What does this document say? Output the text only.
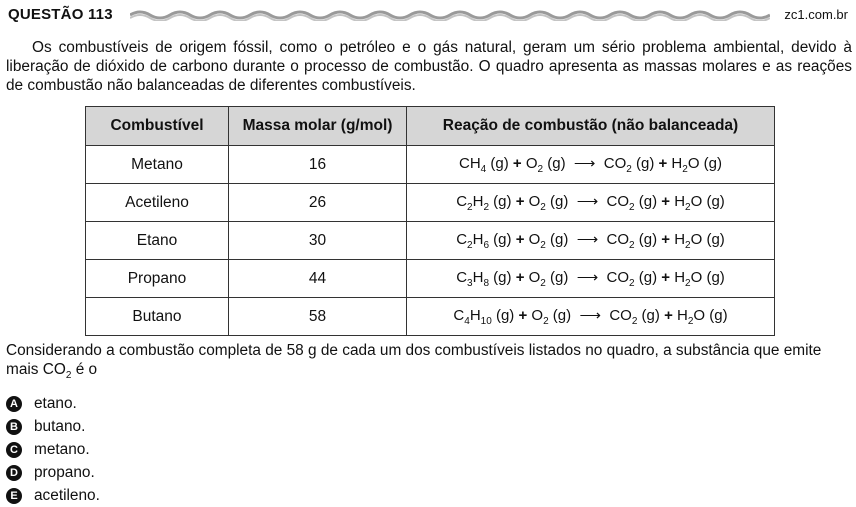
QUESTÃO 113	zc1.com.br

Os combustíveis de origem fóssil, como o petróleo e o gás natural, geram um sério problema ambiental, devido à liberação de dióxido de carbono durante o processo de combustão. O quadro apresenta as massas molares e as reações de combustão não balanceadas de diferentes combustíveis.

Combustível	Massa molar (g/mol)	Reação de combustão (não balanceada)
Metano	16	$CH_4$ $(g) + O_2$ (g)  ⟶  $CO_2$ $(g) + H_2O$ (g)
Acetileno	26	$C_2H_2$ $(g) + O_2$ (g)  ⟶  $CO_2$ $(g) + H_2O$ (g)
Etano	30	$C_2H_6$ $(g) + O_2$ (g)  ⟶  $CO_2$ $(g) + H_2O$ (g)
Propano	44	$C_3H_8$ $(g) + O_2$ (g)  ⟶  $CO_2$ $(g) + H_2O$ (g)
Butano	58	$C_4H_{10}$ $(g) + O_2$ (g)  ⟶  $CO_2$ $(g) + H_2O$ (g)

Considerando a combustão completa de 58 g de cada um dos combustíveis listados no quadro, a substância que emite mais $CO_2$ é o

A etano.
B butano.
C metano.
D propano.
E acetileno.
